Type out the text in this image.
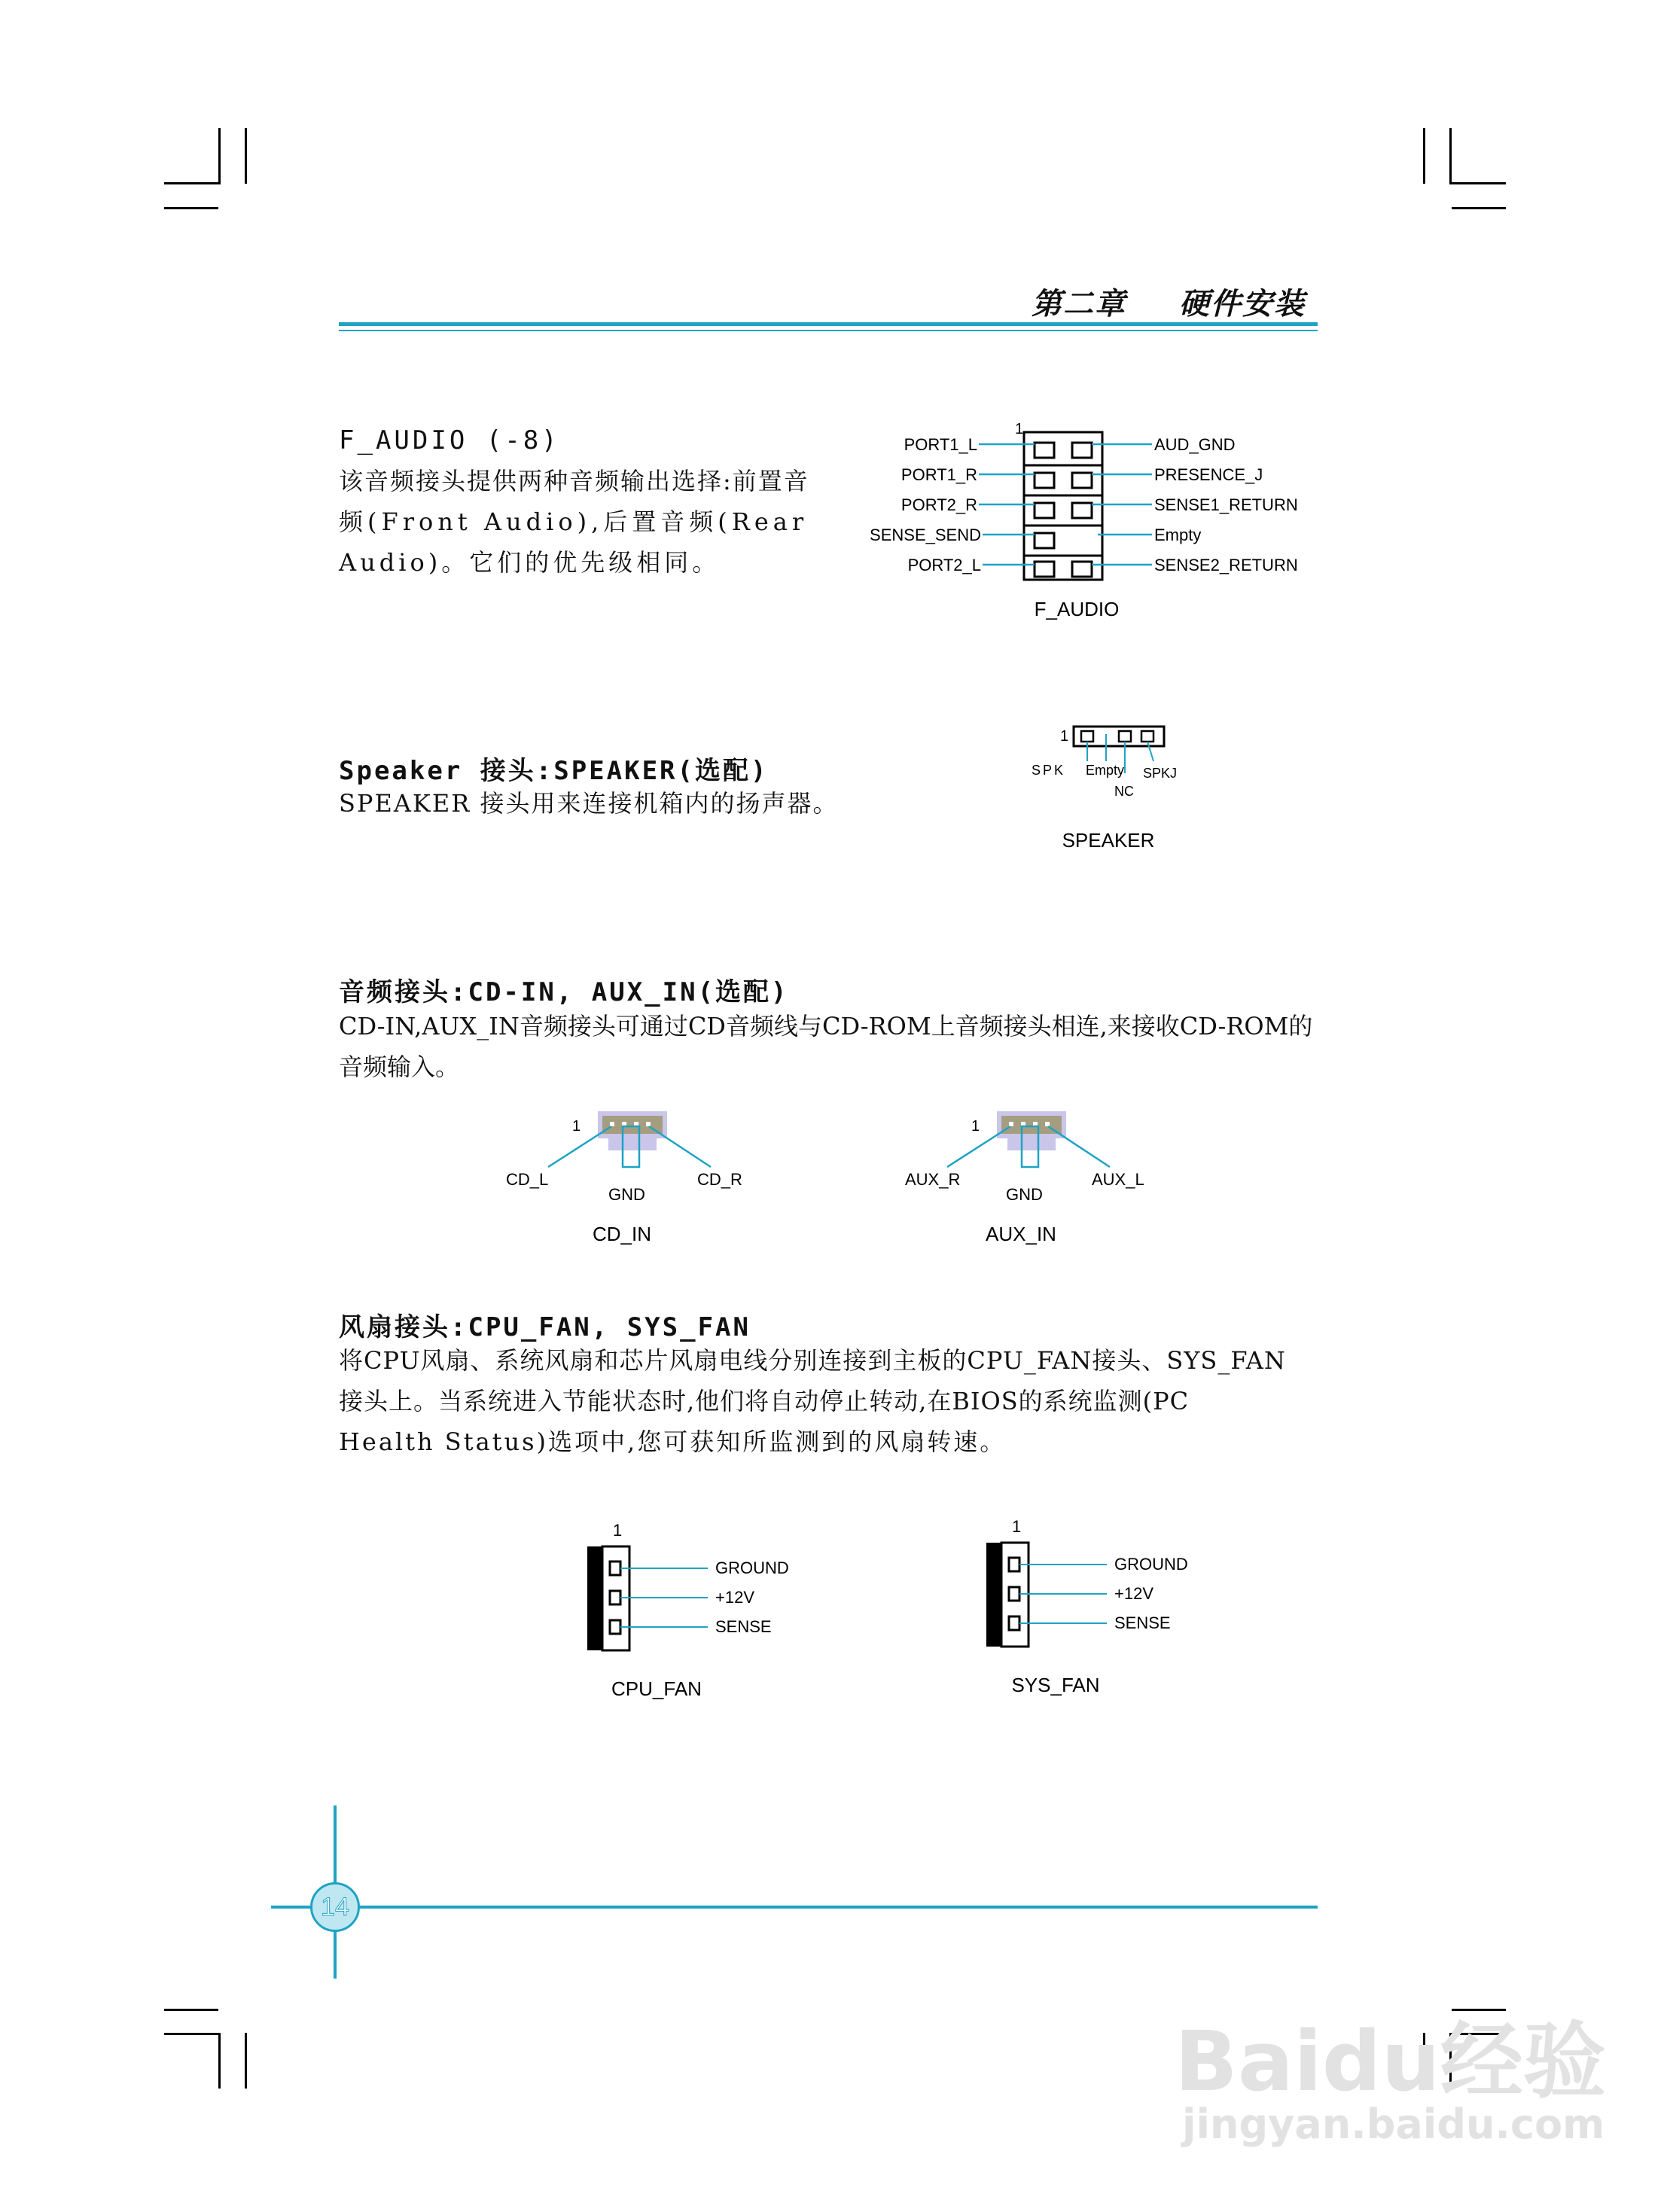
第二章 硬件安装
F_AUDIO (-8)
该音频接头提供两种音频输出选择:前置音
频(Front Audio),后置音频(Rear
Audio)。它们的优先级相同。
1
PORT1_L
PORT1_R
PORT2_R
SENSE_SEND
PORT2_L
AUD_GND
PRESENCE_J
SENSE1_RETURN
Empty
SENSE2_RETURN
F_AUDIO
Speaker 接头:SPEAKER(选配)
SPEAKER 接头用来连接机箱内的扬声器。
1
SPK Empty
NC
SPKJ
SPEAKER
音频接头:CD-IN, AUX_IN(选配)
CD-IN,AUX_IN音频接头可通过CD音频线与CD-ROM上音频接头相连,来接收CD-ROM的
音频输入。
1
CD_L
GND
CD_R
CD_IN
1
AUX_R
GND
AUX_L
AUX_IN
风扇接头:CPU_FAN, SYS_FAN
将CPU风扇、系统风扇和芯片风扇电线分别连接到主板的CPU_FAN接头、SYS_FAN
接头上。当系统进入节能状态时,他们将自动停止转动,在BIOS的系统监测(PC
Health Status)选项中,您可获知所监测到的风扇转速。
1
GROUND
+12V
SENSE
CPU_FAN
1
GROUND
+12V
SENSE
SYS_FAN
14
Baidu经验
jingyan.baidu.com
